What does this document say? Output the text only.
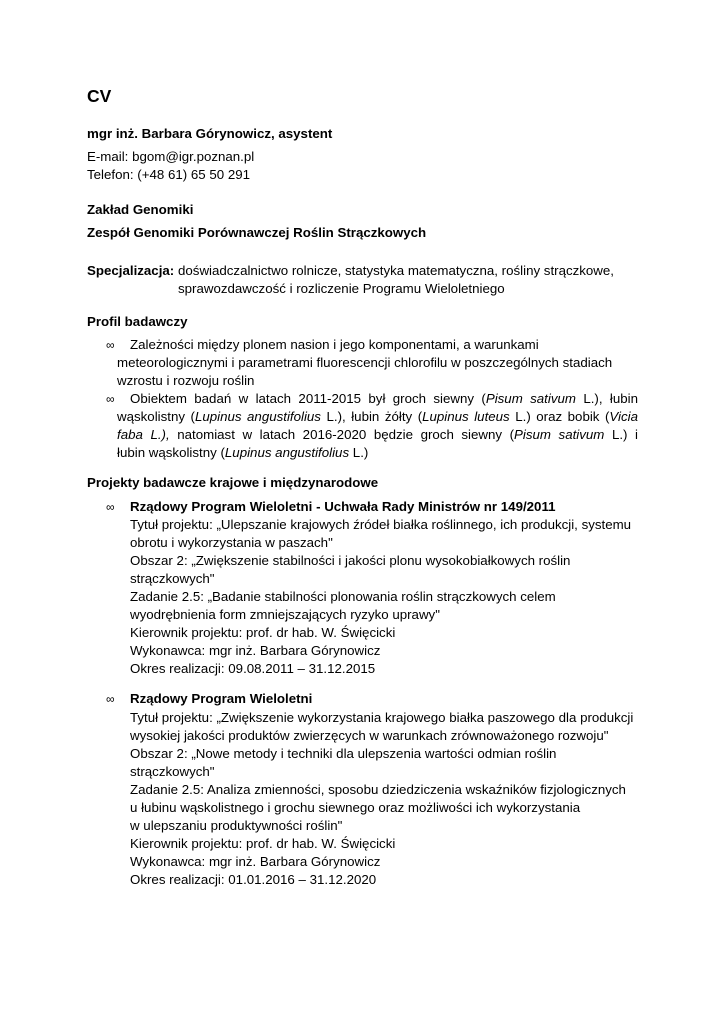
CV
mgr inż. Barbara Górynowicz, asystent
E-mail: bgom@igr.poznan.pl
Telefon: (+48 61) 65 50 291
Zakład Genomiki
Zespół Genomiki Porównawczej Roślin Strączkowych
Specjalizacja: doświadczalnictwo rolnicze, statystyka matematyczna, rośliny strączkowe,
sprawozdawczość i rozliczenie Programu Wieloletniego
Profil badawczy
∞ Zależności między plonem nasion i jego komponentami, a warunkami
meteorologicznymi i parametrami fluorescencji chlorofilu w poszczególnych stadiach
wzrostu i rozwoju roślin
∞ Obiektem badań w latach 2011-2015 był groch siewny (Pisum sativum L.), łubin
wąskolistny (Lupinus angustifolius L.), łubin żółty (Lupinus luteus L.) oraz bobik (Vicia
faba L.), natomiast w latach 2016-2020 będzie groch siewny (Pisum sativum L.) i
łubin wąskolistny (Lupinus angustifolius L.)
Projekty badawcze krajowe i międzynarodowe
∞ Rządowy Program Wieloletni - Uchwała Rady Ministrów nr 149/2011
Tytuł projektu: „Ulepszanie krajowych źródeł białka roślinnego, ich produkcji, systemu
obrotu i wykorzystania w paszach"
Obszar 2: „Zwiększenie stabilności i jakości plonu wysokobiałkowych roślin
strączkowych"
Zadanie 2.5: „Badanie stabilności plonowania roślin strączkowych celem
wyodrębnienia form zmniejszających ryzyko uprawy"
Kierownik projektu: prof. dr hab. W. Święcicki
Wykonawca: mgr inż. Barbara Górynowicz
Okres realizacji: 09.08.2011 – 31.12.2015
∞ Rządowy Program Wieloletni
Tytuł projektu: „Zwiększenie wykorzystania krajowego białka paszowego dla produkcji
wysokiej jakości produktów zwierzęcych w warunkach zrównoważonego rozwoju"
Obszar 2: „Nowe metody i techniki dla ulepszenia wartości odmian roślin
strączkowych"
Zadanie 2.5: Analiza zmienności, sposobu dziedziczenia wskaźników fizjologicznych
u łubinu wąskolistnego i grochu siewnego oraz możliwości ich wykorzystania
w ulepszaniu produktywności roślin"
Kierownik projektu: prof. dr hab. W. Święcicki
Wykonawca: mgr inż. Barbara Górynowicz
Okres realizacji: 01.01.2016 – 31.12.2020
